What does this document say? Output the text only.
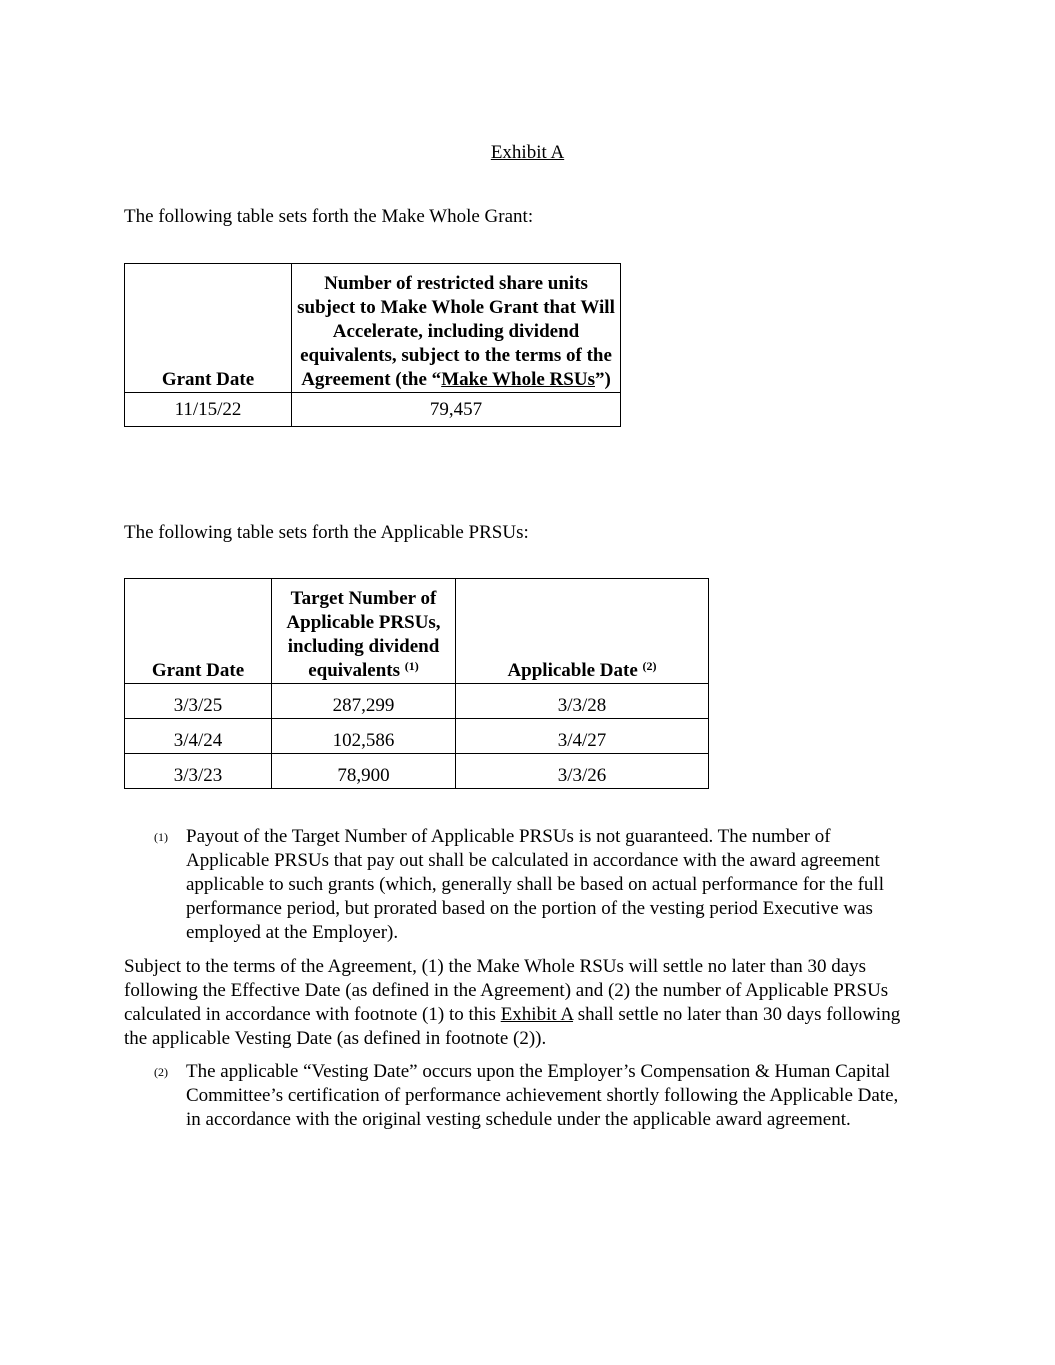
Exhibit A
The following table sets forth the Make Whole Grant:
Grant Date	Number of restricted share units subject to Make Whole Grant that Will Accelerate, including dividend equivalents, subject to the terms of the Agreement (the “Make Whole RSUs”)
11/15/22	79,457
The following table sets forth the Applicable PRSUs:
Grant Date	Target Number of Applicable PRSUs, including dividend equivalents $^{(1)}$	Applicable Date $^{(2)}$
3/3/25	287,299	3/3/28
3/4/24	102,586	3/4/27
3/3/23	78,900	3/3/26
(1) Payout of the Target Number of Applicable PRSUs is not guaranteed. The number of Applicable PRSUs that pay out shall be calculated in accordance with the award agreement applicable to such grants (which, generally shall be based on actual performance for the full performance period, but prorated based on the portion of the vesting period Executive was employed at the Employer).
Subject to the terms of the Agreement, (1) the Make Whole RSUs will settle no later than 30 days following the Effective Date (as defined in the Agreement) and (2) the number of Applicable PRSUs calculated in accordance with footnote (1) to this Exhibit A shall settle no later than 30 days following the applicable Vesting Date (as defined in footnote (2)).
(2) The applicable “Vesting Date” occurs upon the Employer’s Compensation & Human Capital Committee’s certification of performance achievement shortly following the Applicable Date, in accordance with the original vesting schedule under the applicable award agreement.
